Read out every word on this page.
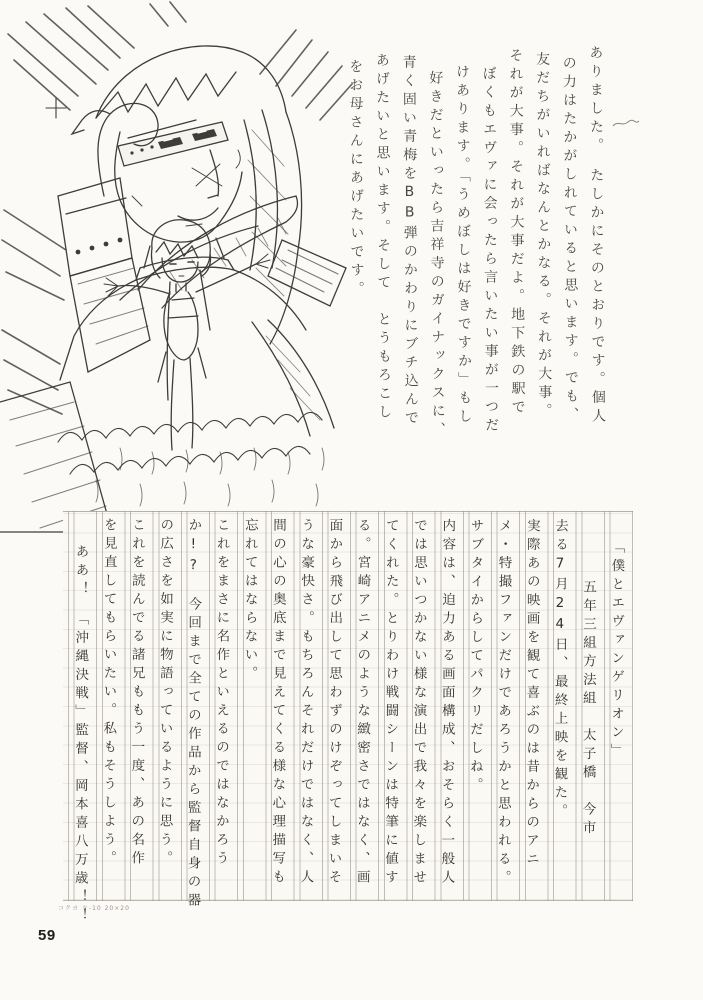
ありました。　たしかにそのとおりです。個人
の力はたかがしれていると思います。でも、
友だちがいればなんとかなる。それが大事。
それが大事。それが大事だよ。地下鉄の駅で
ぼくもエヴァに会ったら言いたい事が一つだ
けあります。「うめぼしは好きですか」もし
好きだといったら吉祥寺のガイナックスに、
青く固い青梅をBB弾のかわりにブチ込んで
あげたいと思います。そして　とうもろこし
をお母さんにあげたいです。
「僕とエヴァンゲリオン」
五年三組方法組　太子橋　今市
去る7月24日、最終上映を観た。
実際あの映画を観て喜ぶのは昔からのアニ
メ・特撮ファンだけであろうかと思われる。
サブタイからしてパクリだしね。
内容は、迫力ある画面構成、おそらく一般人
では思いつかない様な演出で我々を楽しませ
てくれた。とりわけ戦闘シーンは特筆に値す
る。宮崎アニメのような緻密さではなく、画
面から飛び出して思わずのけぞってしまいそ
うな豪快さ。もちろんそれだけではなく、人
間の心の奥底まで見えてくる様な心理描写も
忘れてはならない。
これをまさに名作といえるのではなかろう
か!?　今回まで全ての作品から監督自身の器
の広さを如実に物語っているように思う。
これを読んでる諸兄ももう一度、あの名作
を見直してもらいたい。私もそうしよう。
ああ！　「沖縄決戦」監督、岡本喜八万歳！！
コクヨ ケ-10 20×20
59
